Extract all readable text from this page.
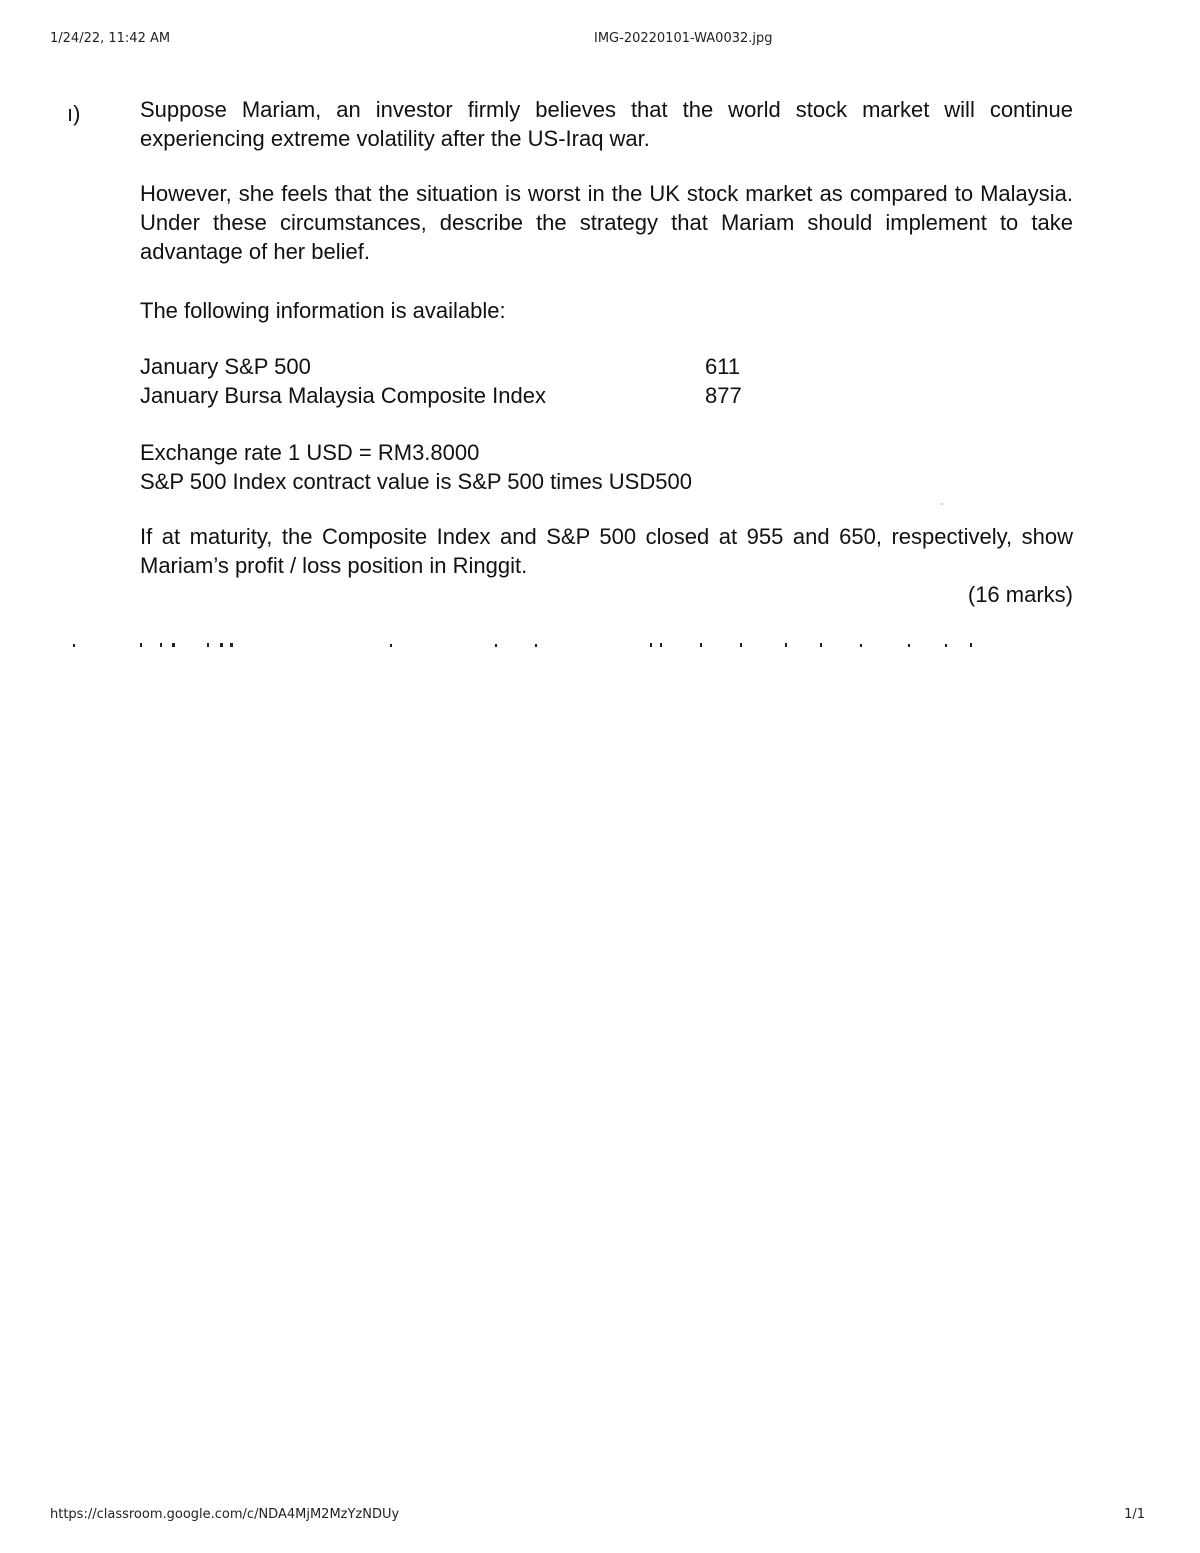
1/24/22, 11:42 AM	IMG-20220101-WA0032.jpg
ı)	Suppose Mariam, an investor firmly believes that the world stock market will continue experiencing extreme volatility after the US-Iraq war.

However, she feels that the situation is worst in the UK stock market as compared to Malaysia. Under these circumstances, describe the strategy that Mariam should implement to take advantage of her belief.

The following information is available:

January S&P 500	611
January Bursa Malaysia Composite Index	877
Exchange rate 1 USD = RM3.8000
S&P 500 Index contract value is S&P 500 times USD500

If at maturity, the Composite Index and S&P 500 closed at 955 and 650, respectively, show Mariam’s profit / loss position in Ringgit.

(16 marks)
https://classroom.google.com/c/NDA4MjM2MzYzNDUy	1/1
